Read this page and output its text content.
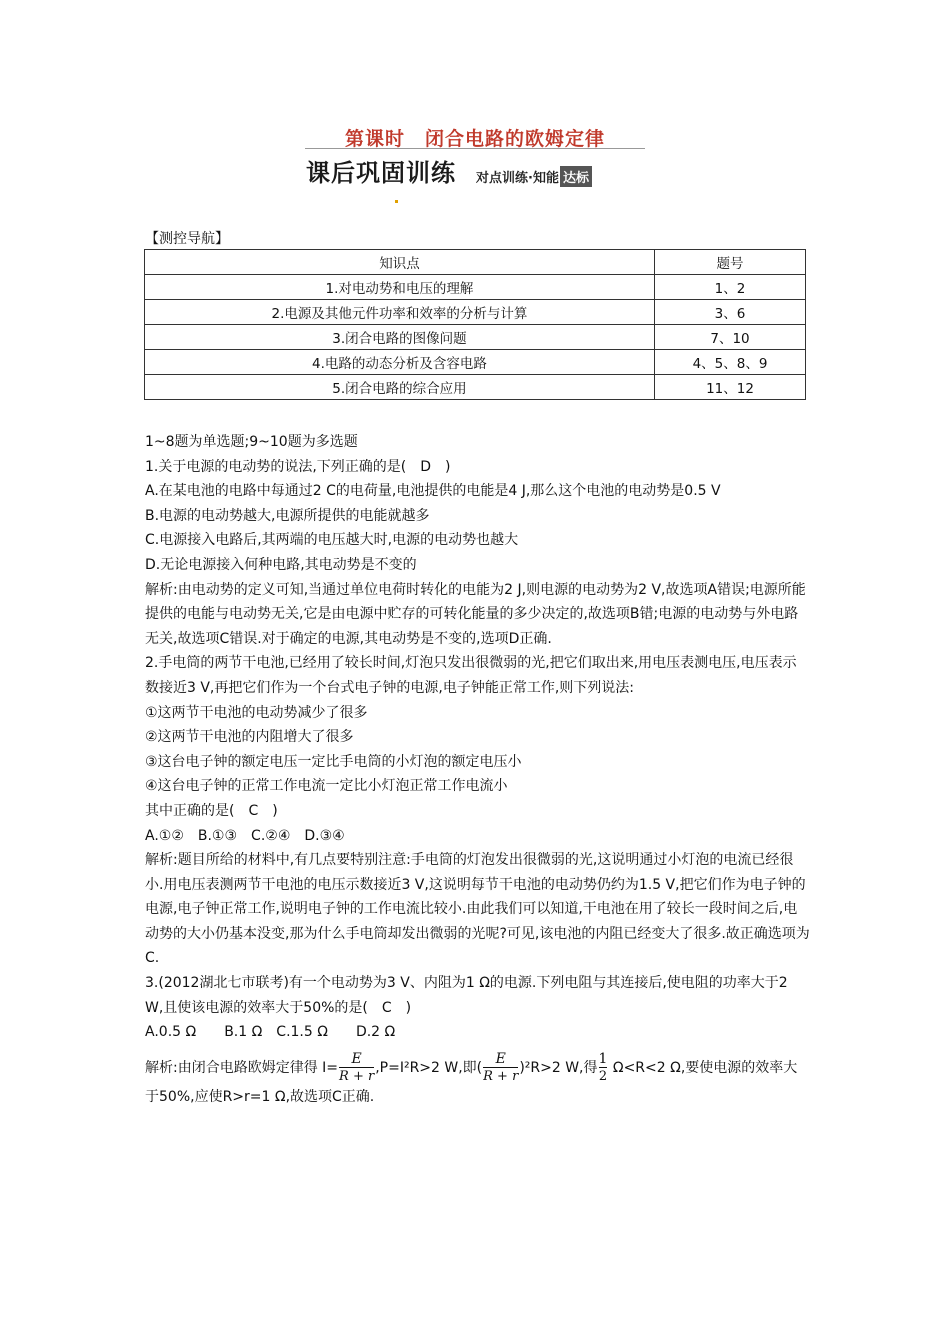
第课时　闭合电路的欧姆定律
课后巩固训练 对点训练·知能 达标
【测控导航】
知识点	题号
1.对电动势和电压的理解	1、2
2.电源及其他元件功率和效率的分析与计算	3、6
3.闭合电路的图像问题	7、10
4.电路的动态分析及含容电路	4、5、8、9
5.闭合电路的综合应用	11、12

1~8题为单选题;9~10题为多选题

1.关于电源的电动势的说法,下列正确的是(　D　)

A.在某电池的电路中每通过2 C的电荷量,电池提供的电能是4 J,那么这个电池的电动势是0.5 V

B.电源的电动势越大,电源所提供的电能就越多

C.电源接入电路后,其两端的电压越大时,电源的电动势也越大

D.无论电源接入何种电路,其电动势是不变的

解析:由电动势的定义可知,当通过单位电荷时转化的电能为2 J,则电源的电动势为2 V,故选项A错误;电源所能提供的电能与电动势无关,它是由电源中贮存的可转化能量的多少决定的,故选项B错;电源的电动势与外电路无关,故选项C错误.对于确定的电源,其电动势是不变的,选项D正确.

2.手电筒的两节干电池,已经用了较长时间,灯泡只发出很微弱的光,把它们取出来,用电压表测电压,电压表示数接近3 V,再把它们作为一个台式电子钟的电源,电子钟能正常工作,则下列说法:

①这两节干电池的电动势减少了很多

②这两节干电池的内阻增大了很多

③这台电子钟的额定电压一定比手电筒的小灯泡的额定电压小

④这台电子钟的正常工作电流一定比小灯泡正常工作电流小

其中正确的是(　C　)

A.①②　B.①③　C.②④　D.③④

解析:题目所给的材料中,有几点要特别注意:手电筒的灯泡发出很微弱的光,这说明通过小灯泡的电流已经很小.用电压表测两节干电池的电压示数接近3 V,这说明每节干电池的电动势仍约为1.5 V,把它们作为电子钟的电源,电子钟正常工作,说明电子钟的工作电流比较小.由此我们可以知道,干电池在用了较长一段时间之后,电动势的大小仍基本没变,那为什么手电筒却发出微弱的光呢?可见,该电池的内阻已经变大了很多.故正确选项为C.

3.(2012湖北七市联考)有一个电动势为3 V、内阻为1 Ω的电源.下列电阻与其连接后,使电阻的功率大于2 W,且使该电源的效率大于50%的是(　C　)

A.0.5 Ω　　B.1 Ω　C.1.5 Ω　　D.2 Ω

解析:由闭合电路欧姆定律得 $I= \frac{E}{R + r} ,P=I^2R>2$ W,即( $\frac{E}{R + r} )^2R>2$ W,得 $\frac{1}{2} \Omega<R<2$ Ω,要使电源的效率大于50%,应使R>r=1 Ω,故选项C正确.
